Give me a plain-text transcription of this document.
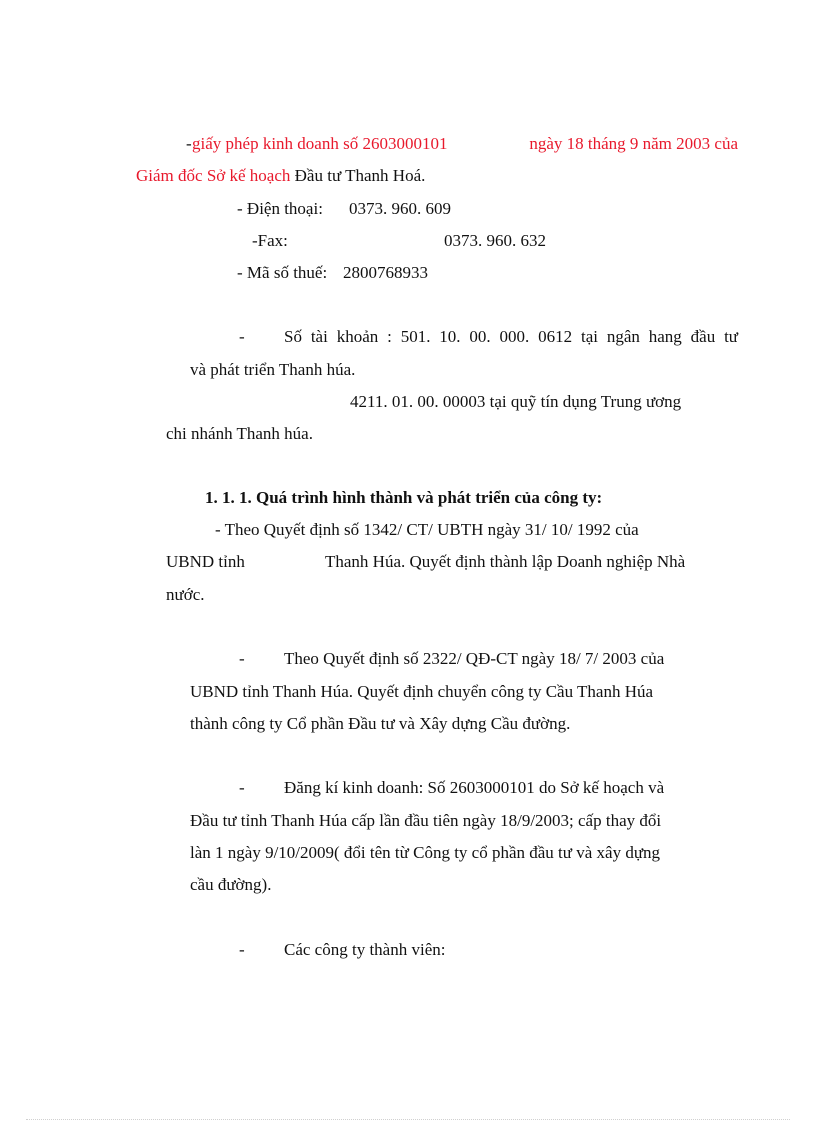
- giấy phép kinh doanh số 2603000101	ngày 18 tháng 9 năm 2003 của
Giám đốc Sở kế hoạch Đầu tư Thanh Hoá.
- Điện thoại: 0373. 960. 609
-Fax:	0373. 960. 632
- Mã số thuế: 2800768933
- Số tài khoản : 501. 10. 00. 000. 0612 tại ngân hang đầu tư
và phát triển Thanh húa.
4211. 01. 00. 00003 tại quỹ tín dụng Trung ương
chi nhánh Thanh húa.
1. 1. 1. Quá trình hình thành và phát triển của công ty:
- Theo Quyết định số 1342/ CT/ UBTH ngày 31/ 10/ 1992 của
UBND tỉnh	Thanh Húa. Quyết định thành lập Doanh nghiệp Nhà
nước.
- Theo Quyết định số 2322/ QĐ-CT ngày 18/ 7/ 2003 của
UBND tỉnh Thanh Húa. Quyết định chuyển công ty Cầu Thanh Húa
thành công ty Cổ phần Đầu tư và Xây dựng Cầu đường.
- Đăng kí kinh doanh: Số 2603000101 do Sở kế hoạch và
Đầu tư tỉnh Thanh Húa cấp lần đầu tiên ngày 18/9/2003; cấp thay đổi
làn 1 ngày 9/10/2009( đổi tên từ Công ty cổ phần đầu tư và xây dựng
cầu đường).
- Các công ty thành viên:
